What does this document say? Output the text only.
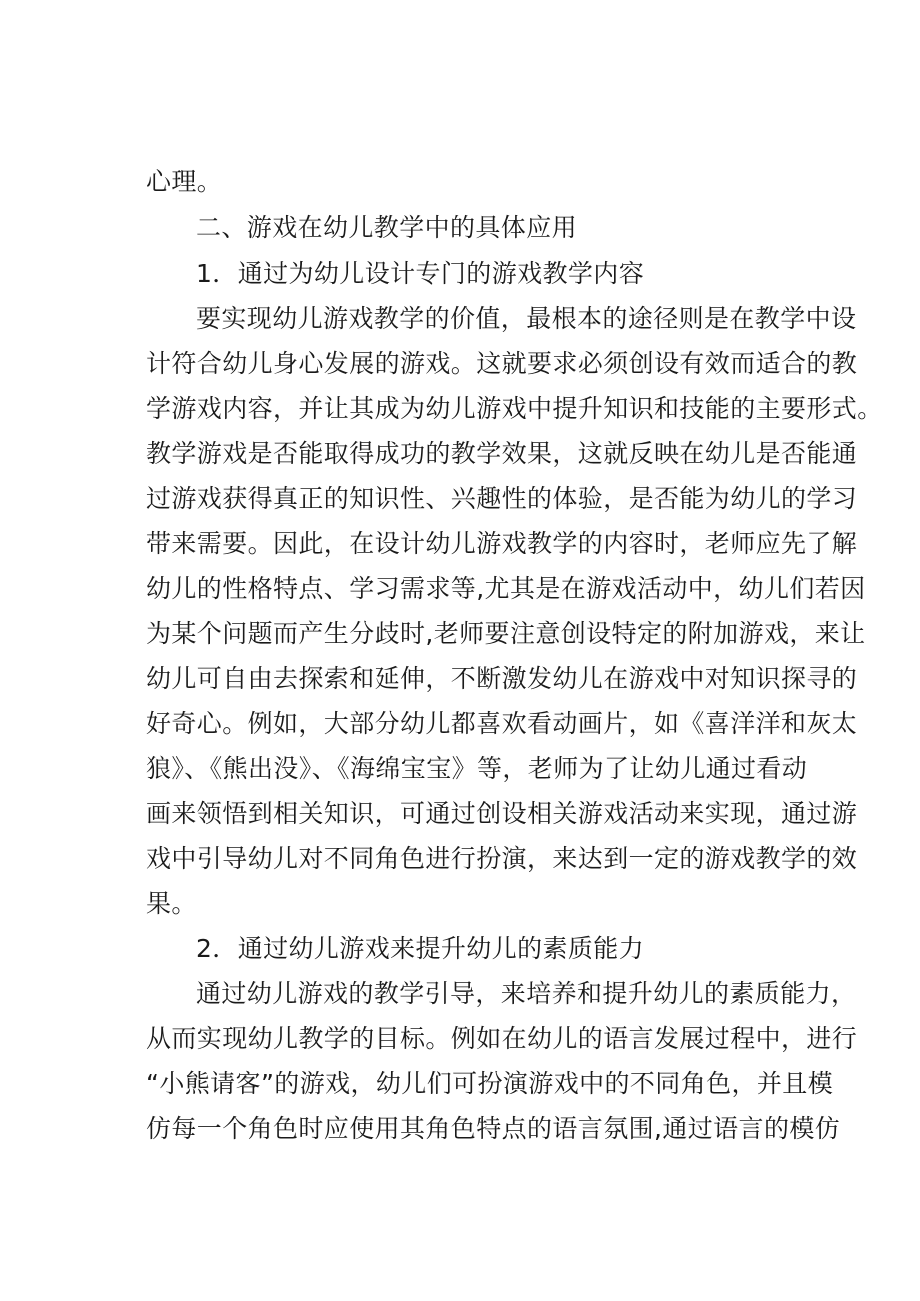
心理。
二、游戏在幼儿教学中的具体应用
1．通过为幼儿设计专门的游戏教学内容
要实现幼儿游戏教学的价值，最根本的途径则是在教学中设
计符合幼儿身心发展的游戏。这就要求必须创设有效而适合的教
学游戏内容，并让其成为幼儿游戏中提升知识和技能的主要形式。
教学游戏是否能取得成功的教学效果，这就反映在幼儿是否能通
过游戏获得真正的知识性、兴趣性的体验，是否能为幼儿的学习
带来需要。因此，在设计幼儿游戏教学的内容时，老师应先了解
幼儿的性格特点、学习需求等,尤其是在游戏活动中，幼儿们若因
为某个问题而产生分歧时,老师要注意创设特定的附加游戏，来让
幼儿可自由去探索和延伸，不断激发幼儿在游戏中对知识探寻的
好奇心。例如，大部分幼儿都喜欢看动画片，如《喜洋洋和灰太
狼》、《熊出没》、《海绵宝宝》等，老师为了让幼儿通过看动
画来领悟到相关知识，可通过创设相关游戏活动来实现，通过游
戏中引导幼儿对不同角色进行扮演，来达到一定的游戏教学的效
果。
2．通过幼儿游戏来提升幼儿的素质能力
通过幼儿游戏的教学引导，来培养和提升幼儿的素质能力，
从而实现幼儿教学的目标。例如在幼儿的语言发展过程中，进行
“小熊请客”的游戏，幼儿们可扮演游戏中的不同角色，并且模
仿每一个角色时应使用其角色特点的语言氛围,通过语言的模仿
